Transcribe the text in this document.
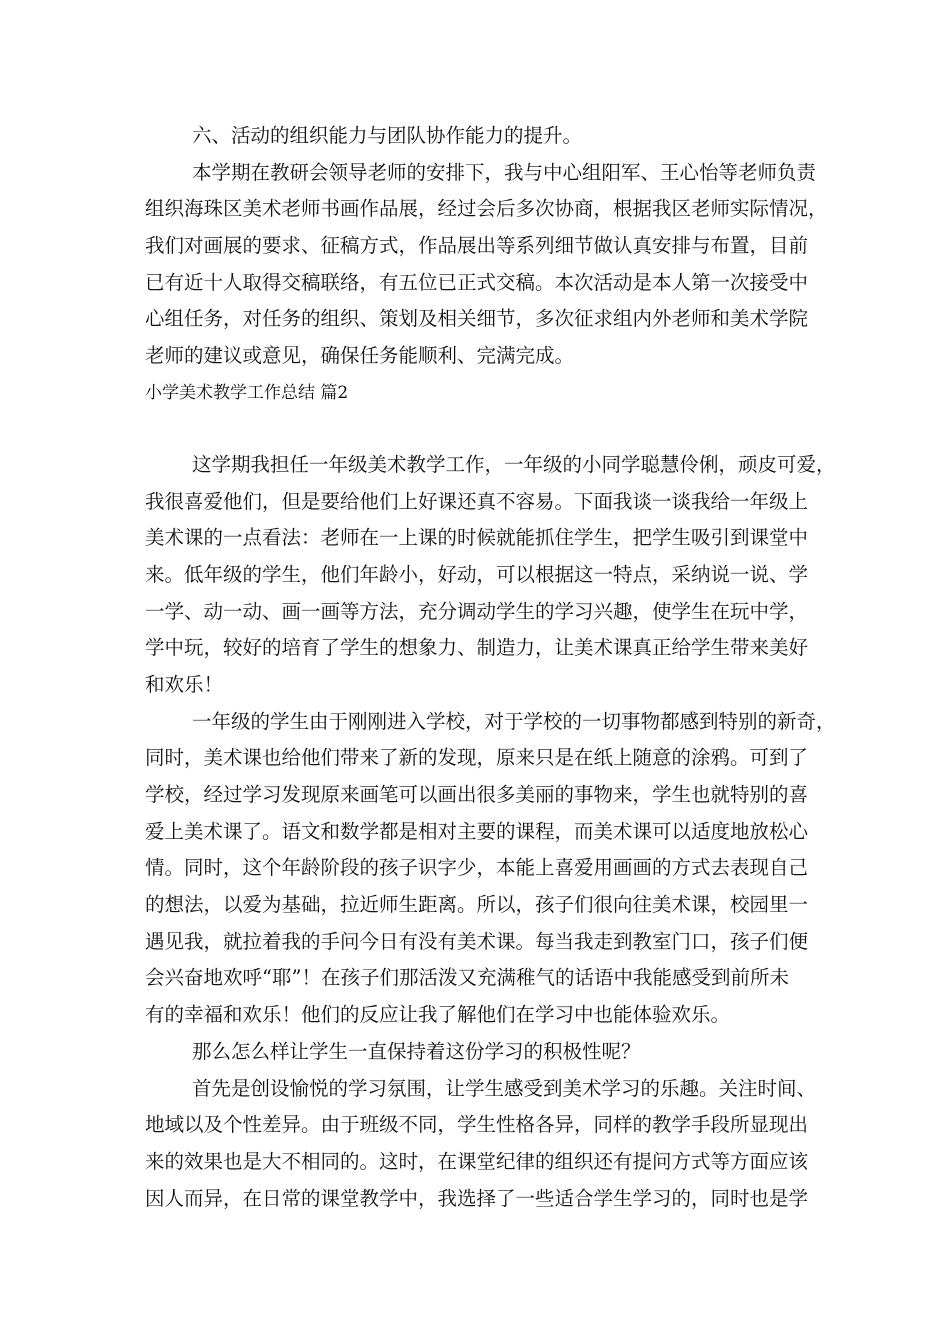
六、活动的组织能力与团队协作能力的提升。
本学期在教研会领导老师的安排下，我与中心组阳军、王心怡等老师负责
组织海珠区美术老师书画作品展，经过会后多次协商，根据我区老师实际情况，
我们对画展的要求、征稿方式，作品展出等系列细节做认真安排与布置，目前
已有近十人取得交稿联络，有五位已正式交稿。本次活动是本人第一次接受中
心组任务，对任务的组织、策划及相关细节，多次征求组内外老师和美术学院
老师的建议或意见，确保任务能顺利、完满完成。
小学美术教学工作总结 篇2
这学期我担任一年级美术教学工作，一年级的小同学聪慧伶俐，顽皮可爱，
我很喜爱他们，但是要给他们上好课还真不容易。下面我谈一谈我给一年级上
美术课的一点看法：老师在一上课的时候就能抓住学生，把学生吸引到课堂中
来。低年级的学生，他们年龄小，好动，可以根据这一特点，采纳说一说、学
一学、动一动、画一画等方法，充分调动学生的学习兴趣，使学生在玩中学，
学中玩，较好的培育了学生的想象力、制造力，让美术课真正给学生带来美好
和欢乐！
一年级的学生由于刚刚进入学校，对于学校的一切事物都感到特别的新奇，
同时，美术课也给他们带来了新的发现，原来只是在纸上随意的涂鸦。可到了
学校，经过学习发现原来画笔可以画出很多美丽的事物来，学生也就特别的喜
爱上美术课了。语文和数学都是相对主要的课程，而美术课可以适度地放松心
情。同时，这个年龄阶段的孩子识字少，本能上喜爱用画画的方式去表现自己
的想法，以爱为基础，拉近师生距离。所以，孩子们很向往美术课，校园里一
遇见我，就拉着我的手问今日有没有美术课。每当我走到教室门口，孩子们便
会兴奋地欢呼“耶”！在孩子们那活泼又充满稚气的话语中我能感受到前所未
有的幸福和欢乐！他们的反应让我了解他们在学习中也能体验欢乐。
那么怎么样让学生一直保持着这份学习的积极性呢？
首先是创设愉悦的学习氛围，让学生感受到美术学习的乐趣。关注时间、
地域以及个性差异。由于班级不同，学生性格各异，同样的教学手段所显现出
来的效果也是大不相同的。这时，在课堂纪律的组织还有提问方式等方面应该
因人而异，在日常的课堂教学中，我选择了一些适合学生学习的，同时也是学
